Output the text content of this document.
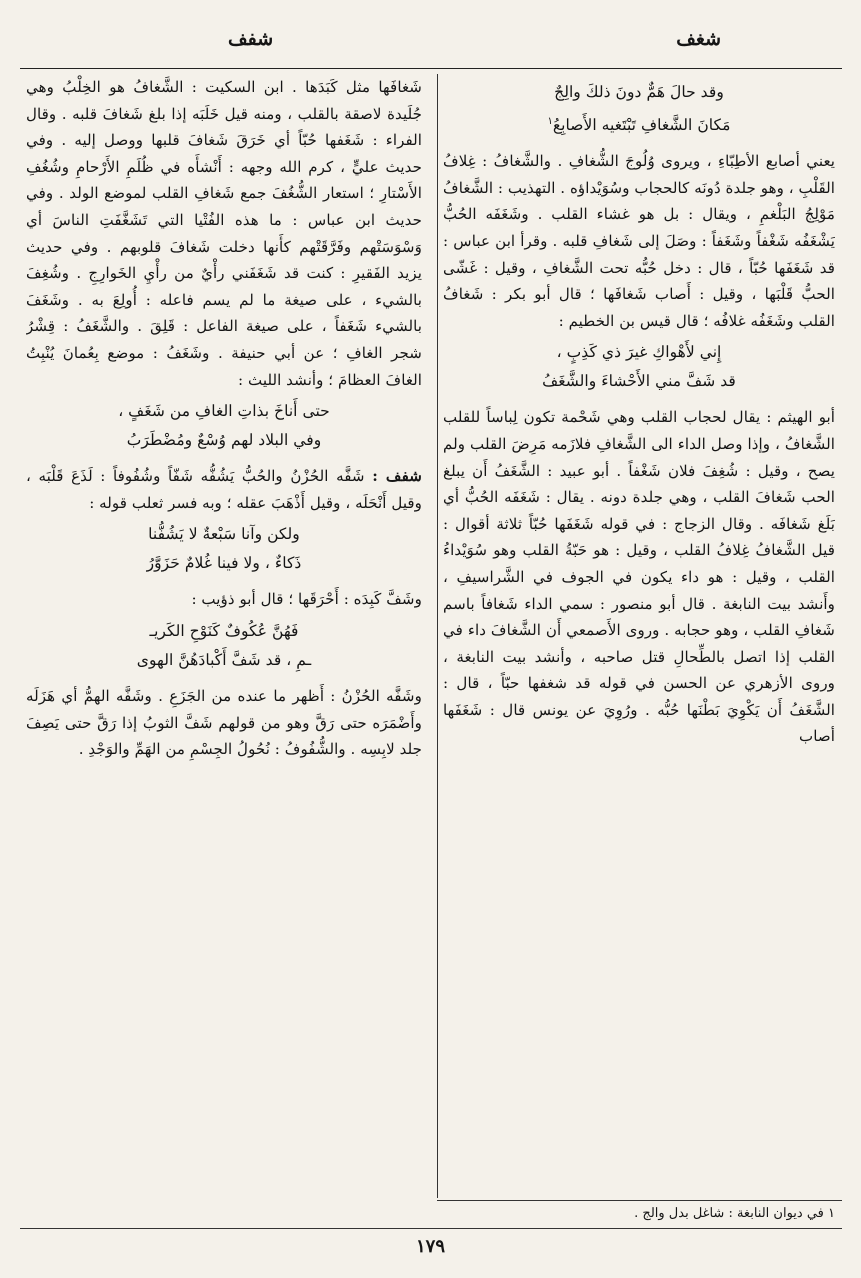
شغف
شفف
وقد حالَ هَمٌّ دونَ ذلكَ والِجٌ
مَكانَ الشَّغافِ تَبْتَغيه الأَصابِعُ$^١$

يعني أصابع الأطِبّاءِ ، ويروى وُلُوجَ الشُّغافِ . والشَّغافُ : غِلافُ القَلْبِ ، وهو جلدة دُونَه كالحجاب وسُوَيْداؤه . التهذيب : الشَّغافُ مَوْلِجُ البَلْغمِ ، ويقال : بل هو غشاء القلب . وشَغَفَه الحُبُّ يَشْغَفُه شَغْفاً وشَغَفاً : وصَلَ إلى شَغافِ قلبه . وقرأ ابن عباس : قد شَغَفَها حُبّاً ، قال : دخل حُبُّه تحت الشَّغافِ ، وقيل : غَشّى الحبُّ قَلْبَها ، وقيل : أَصاب شَغافَها ؛ قال أبو بكر : شَغافُ القلب وشَغَفُه غلافُه ؛ قال قيس بن الخطيم :

إِني لأَهْواكِ غيرَ ذي كَذِبٍ ،
قد شَفَّ مني الأَحْشاءَ والشَّغَفُ

أبو الهيثم : يقال لحجاب القلب وهي شَحْمة تكون لِباساً للقلب الشَّغافُ ، وإذا وصل الداء الى الشَّغافِ فلازَمه مَرِضَ القلب ولم يصح ، وقيل : شُغِفَ فلان شَغْفاً . أبو عبيد : الشَّغَفُ أَن يبلغ الحب شَغافَ القلب ، وهي جلدة دونه . يقال : شَغَفَه الحُبُّ أي بَلَغ شَغافَه . وقال الزجاج : في قوله شَغَفَها حُبّاً ثلاثة أقوال : قيل الشَّغافُ غِلافُ القلب ، وقيل : هو حَبّةُ القلب وهو سُوَيْداءُ القلب ، وقيل : هو داء يكون في الجوف في الشَّراسيفِ ، وأَنشد بيت النابغة . قال أبو منصور : سمي الداء شَغافاً باسم شَغافِ القلب ، وهو حجابه . وروى الأَصمعي أَن الشَّغافَ داء في القلب إذا اتصل بالطِّحالِ قتل صاحبه ، وأنشد بيت النابغة ، وروى الأزهري عن الحسن في قوله قد شغفها حبّاً ، قال : الشَّغَفُ أَن يَكْوِيَ بَطْنَها حُبُّه . ورُوِيَ عن يونس قال : شَغَفَها أصاب

شَغافَها مثل كَبَدَها . ابن السكيت : الشَّغافُ هو الخِلْبُ وهي جُلَيدة لاصقة بالقلب ، ومنه قيل خَلَبَه إذا بلغ شَغافَ قلبه . وقال الفراء : شَغَفها حُبّاً أي خَرَقَ شَغافَ قلبها ووصل إليه . وفي حديث عليٍّ ، كرم الله وجهه : أَنْشأَه في ظُلَمِ الأَرْحامِ وشُغُفِ الأَسْتارِ ؛ استعار الشُّغُفَ جمع شَغافِ القلب لموضع الولد . وفي حديث ابن عباس : ما هذه الفُتْيا التي تَشَغَّفَتِ الناسَ أي وَسْوَسَتْهم وفَرَّقَتْهم كأَنها دخلت شَغافَ قلوبهم . وفي حديث يزيد الفَقيرِ : كنت قد شَغَفَني رأْيٌ من رأْيِ الخَوارِجِ . وشُغِفَ بالشيء ، على صيغة ما لم يسم فاعله : أُولِعَ به . وشَغَفَ بالشيء شَغَفاً ، على صيغة الفاعل : قَلِقَ . والشَّغَفُ : قِشْرُ شجر الغافِ ؛ عن أبي حنيفة . وشَغَفُ : موضع بِعُمانَ يُنْبِتُ الغافَ العظامَ ؛ وأنشد الليث :

حتى أَناخَ بذاتِ الغافِ من شَغَفٍ ،
وفي البلاد لهم وُسْعٌ ومُضْطَرَبُ

شفف : شَفَّه الحُزْنُ والحُبُّ يَشُفُّه شَفّاً وشُفُوفاً : لَذَعَ قَلْبَه ، وقيل أَنْحَلَه ، وقيل أَذْهَبَ عقله ؛ وبه فسر ثعلب قوله :

ولكن وآنا سَبْعةٌ لا يَشُفُّنا
ذَكاءٌ ، ولا فينا غُلامٌ حَزَوَّرُ

وشَفَّ كَبِدَه : أَحْرَقَها ؛ قال أبو ذؤيب :

فَهُنَّ عُكُوفٌ كَنَوْحِ الكَريـ
ـمِ ، قد شَفَّ أَكْبادَهُنَّ الهوى

وشَفَّه الحُزْنُ : أَظهر ما عنده من الجَزَعِ . وشَفَّه الهمُّ أي هَزَلَه وأَضْمَرَه حتى رَقَّ وهو من قولهم شَفَّ الثوبُ إذا رَقَّ حتى يَصِفَ جلد لابِسِه . والشُّفُوفُ : نُحُولُ الجِسْمِ من الهَمِّ والوَجْدِ .

١ في ديوان النابغة : شاغل بدل والج .
١٧٩
